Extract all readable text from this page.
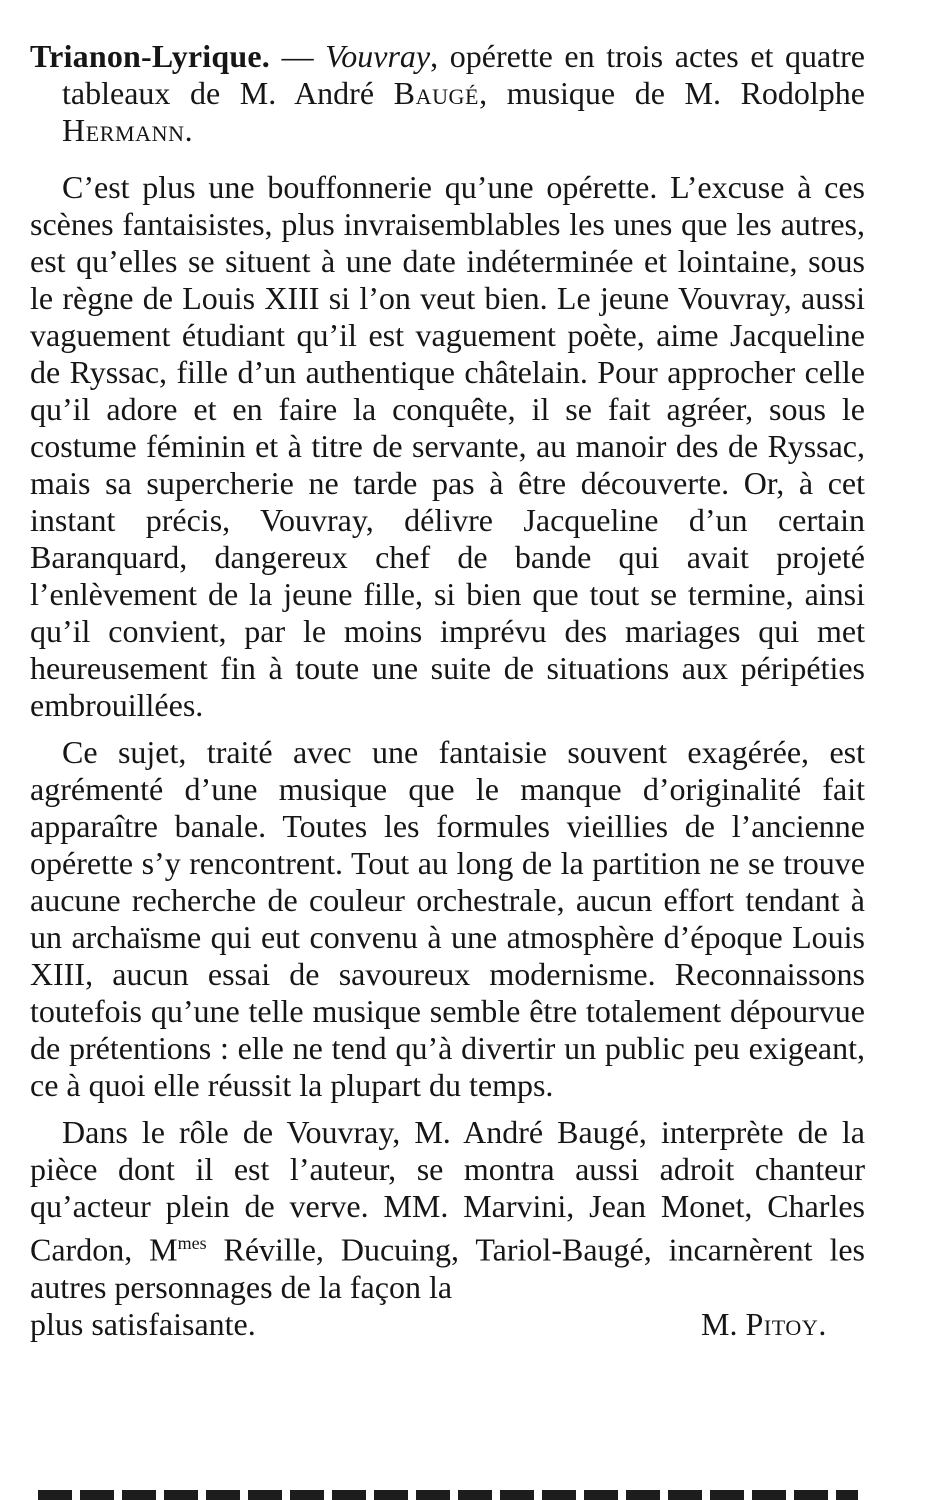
Trianon-Lyrique. — Vouvray, opérette en trois actes et quatre tableaux de M. André Baugé, musique de M. Rodolphe Hermann.

C’est plus une bouffonnerie qu’une opérette. L’excuse à ces scènes fantaisistes, plus invraisemblables les unes que les autres, est qu’elles se situent à une date indéterminée et lointaine, sous le règne de Louis XIII si l’on veut bien. Le jeune Vouvray, aussi vaguement étudiant qu’il est vaguement poète, aime Jacqueline de Ryssac, fille d’un authentique châtelain. Pour approcher celle qu’il adore et en faire la conquête, il se fait agréer, sous le costume féminin et à titre de servante, au manoir des de Ryssac, mais sa supercherie ne tarde pas à être découverte. Or, à cet instant précis, Vouvray, délivre Jacqueline d’un certain Baranquard, dangereux chef de bande qui avait projeté l’enlèvement de la jeune fille, si bien que tout se termine, ainsi qu’il convient, par le moins imprévu des mariages qui met heureusement fin à toute une suite de situations aux péripéties embrouillées.

Ce sujet, traité avec une fantaisie souvent exagérée, est agrémenté d’une musique que le manque d’originalité fait apparaître banale. Toutes les formules vieillies de l’ancienne opérette s’y rencontrent. Tout au long de la partition ne se trouve aucune recherche de couleur orchestrale, aucun effort tendant à un archaïsme qui eut convenu à une atmosphère d’époque Louis XIII, aucun essai de savoureux modernisme. Reconnaissons toutefois qu’une telle musique semble être totalement dépourvue de prétentions : elle ne tend qu’à divertir un public peu exigeant, ce à quoi elle réussit la plupart du temps.

Dans le rôle de Vouvray, M. André Baugé, interprète de la pièce dont il est l’auteur, se montra aussi adroit chanteur qu’acteur plein de verve. MM. Marvini, Jean Monet, Charles Cardon, $M^{mes}$ Réville, Ducuing, Tariol-Baugé, incarnèrent les autres personnages de la façon la

plus satisfaisante.	M. Pitoy.
